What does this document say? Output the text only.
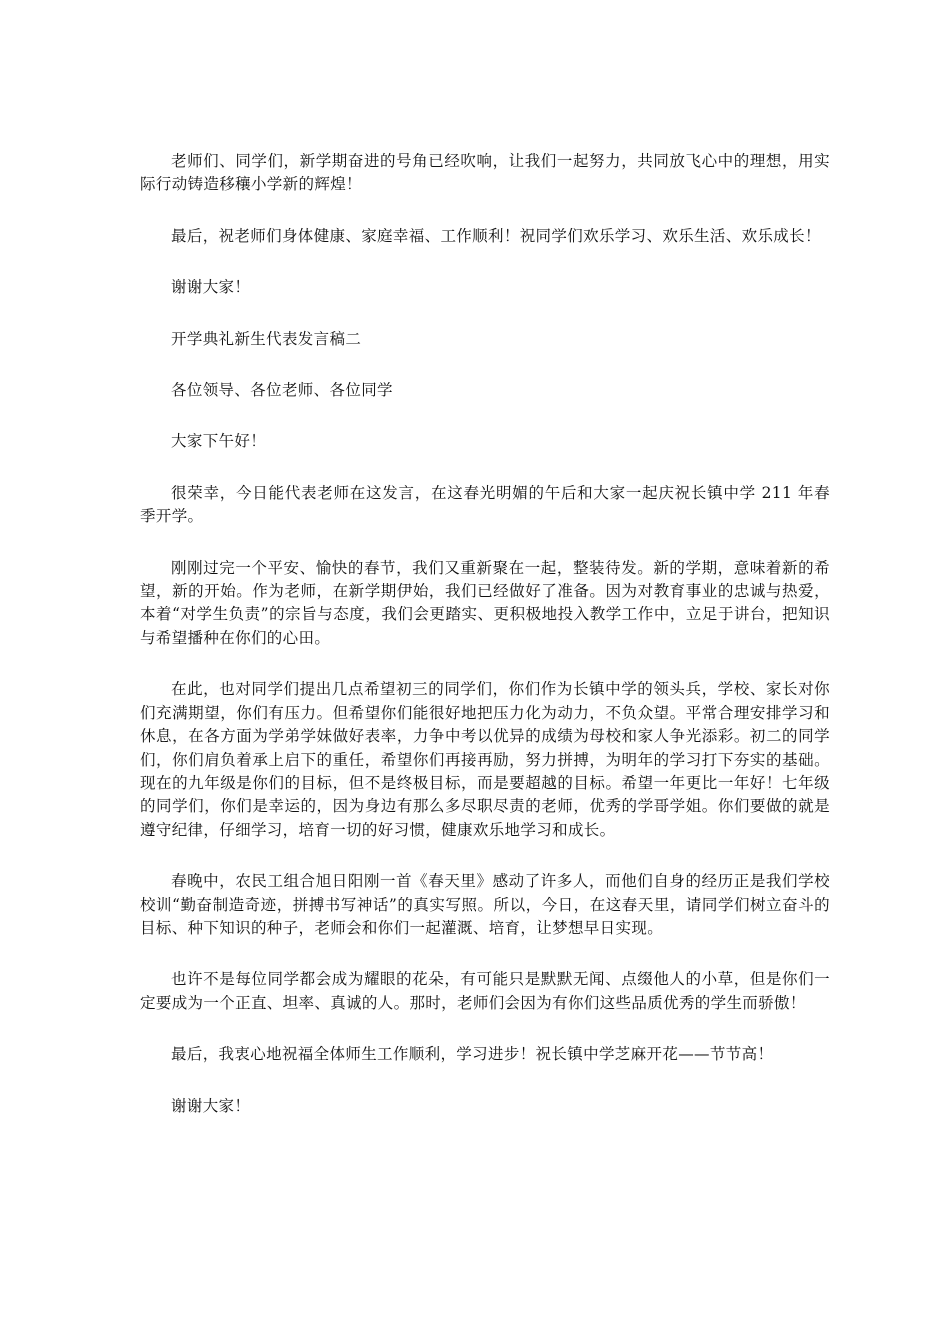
老师们、同学们，新学期奋进的号角已经吹响，让我们一起努力，共同放飞心中的理想，用实际行动铸造移穰小学新的辉煌！

最后，祝老师们身体健康、家庭幸福、工作顺利！祝同学们欢乐学习、欢乐生活、欢乐成长！

谢谢大家！

开学典礼新生代表发言稿二

各位领导、各位老师、各位同学

大家下午好！

很荣幸，今日能代表老师在这发言，在这春光明媚的午后和大家一起庆祝长镇中学 211 年春季开学。

刚刚过完一个平安、愉快的春节，我们又重新聚在一起，整装待发。新的学期，意味着新的希望，新的开始。作为老师，在新学期伊始，我们已经做好了准备。因为对教育事业的忠诚与热爱，本着“对学生负责”的宗旨与态度，我们会更踏实、更积极地投入教学工作中，立足于讲台，把知识与希望播种在你们的心田。

在此，也对同学们提出几点希望初三的同学们，你们作为长镇中学的领头兵，学校、家长对你们充满期望，你们有压力。但希望你们能很好地把压力化为动力，不负众望。平常合理安排学习和休息，在各方面为学弟学妹做好表率，力争中考以优异的成绩为母校和家人争光添彩。初二的同学们，你们肩负着承上启下的重任，希望你们再接再励，努力拼搏，为明年的学习打下夯实的基础。现在的九年级是你们的目标，但不是终极目标，而是要超越的目标。希望一年更比一年好！七年级的同学们，你们是幸运的，因为身边有那么多尽职尽责的老师，优秀的学哥学姐。你们要做的就是遵守纪律，仔细学习，培育一切的好习惯，健康欢乐地学习和成长。

春晚中，农民工组合旭日阳刚一首《春天里》感动了许多人，而他们自身的经历正是我们学校校训“勤奋制造奇迹，拼搏书写神话”的真实写照。所以，今日，在这春天里，请同学们树立奋斗的目标、种下知识的种子，老师会和你们一起灌溉、培育，让梦想早日实现。

也许不是每位同学都会成为耀眼的花朵，有可能只是默默无闻、点缀他人的小草，但是你们一定要成为一个正直、坦率、真诚的人。那时，老师们会因为有你们这些品质优秀的学生而骄傲！

最后，我衷心地祝福全体师生工作顺利，学习进步！祝长镇中学芝麻开花——节节高！

谢谢大家！
